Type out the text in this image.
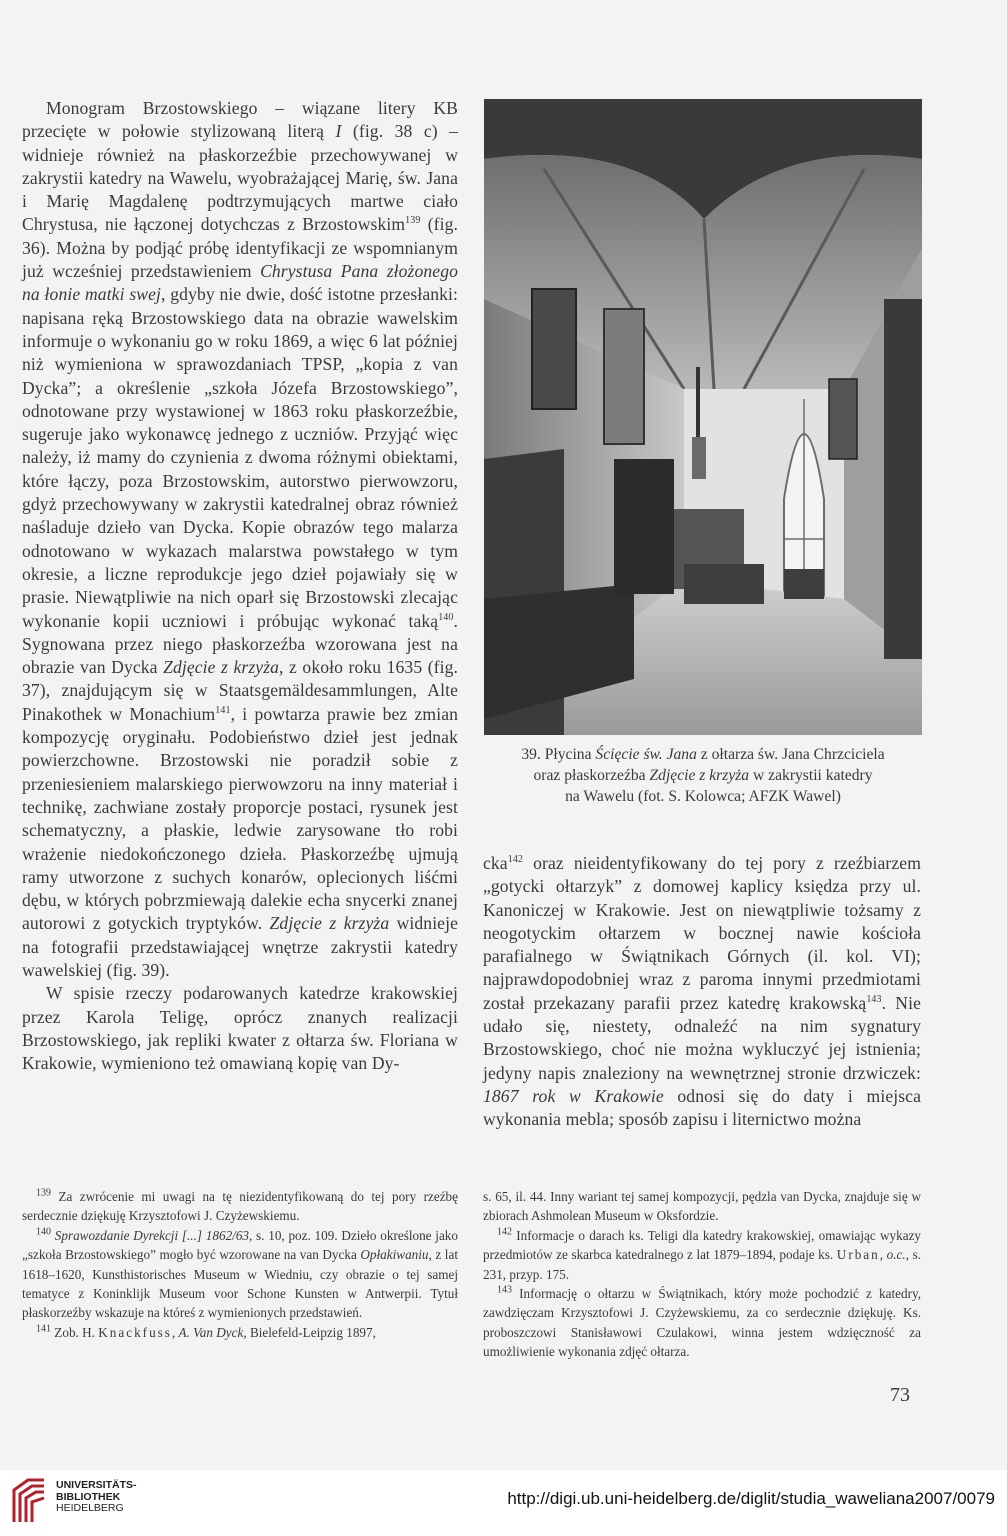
Monogram Brzostowskiego – wiązane litery KB przecięte w połowie stylizowaną literą I (fig. 38 c) – widnieje również na płaskorzeźbie przechowywanej w zakrystii katedry na Wawelu, wyobrażającej Marię, św. Jana i Marię Magdalenę podtrzymujących martwe ciało Chrystusa, nie łączonej dotychczas z Brzostowskim$^{139}$ (fig. 36). Można by podjąć próbę identyfikacji ze wspomnianym już wcześniej przedstawieniem Chrystusa Pana złożonego na łonie matki swej, gdyby nie dwie, dość istotne przesłanki: napisana ręką Brzostowskiego data na obrazie wawelskim informuje o wykonaniu go w roku 1869, a więc 6 lat później niż wymieniona w sprawozdaniach TPSP, „kopia z van Dycka”; a określenie „szkoła Józefa Brzostowskiego”, odnotowane przy wystawionej w 1863 roku płaskorzeźbie, sugeruje jako wykonawcę jednego z uczniów. Przyjąć więc należy, iż mamy do czynienia z dwoma różnymi obiektami, które łączy, poza Brzostowskim, autorstwo pierwowzoru, gdyż przechowywany w zakrystii katedralnej obraz również naśladuje dzieło van Dycka. Kopie obrazów tego malarza odnotowano w wykazach malarstwa powstałego w tym okresie, a liczne reprodukcje jego dzieł pojawiały się w prasie. Niewątpliwie na nich oparł się Brzostowski zlecając wykonanie kopii uczniowi i próbując wykonać taką$^{140}$. Sygnowana przez niego płaskorzeźba wzorowana jest na obrazie van Dycka Zdjęcie z krzyża, z około roku 1635 (fig. 37), znajdującym się w Staatsgemäldesammlungen, Alte Pinakothek w Monachium$^{141}$, i powtarza prawie bez zmian kompozycję oryginału. Podobieństwo dzieł jest jednak powierzchowne. Brzostowski nie poradził sobie z przeniesieniem malarskiego pierwowzoru na inny materiał i technikę, zachwiane zostały proporcje postaci, rysunek jest schematyczny, a płaskie, ledwie zarysowane tło robi wrażenie niedokończonego dzieła. Płaskorzeźbę ujmują ramy utworzone z suchych konarów, oplecionych liśćmi dębu, w których pobrzmiewają dalekie echa snycerki znanej autorowi z gotyckich tryptyków. Zdjęcie z krzyża widnieje na fotografii przedstawiającej wnętrze zakrystii katedry wawelskiej (fig. 39).

W spisie rzeczy podarowanych katedrze krakowskiej przez Karola Teligę, oprócz znanych realizacji Brzostowskiego, jak repliki kwater z ołtarza św. Floriana w Krakowie, wymieniono też omawianą kopię van Dy-

39. Płycina Ścięcie św. Jana z ołtarza św. Jana Chrzciciela
oraz płaskorzeźba Zdjęcie z krzyża w zakrystii katedry
na Wawelu (fot. S. Kolowca; AFZK Wawel)

cka$^{142}$ oraz nieidentyfikowany do tej pory z rzeźbiarzem „gotycki ołtarzyk” z domowej kaplicy księdza przy ul. Kanoniczej w Krakowie. Jest on niewątpliwie tożsamy z neogotyckim ołtarzem w bocznej nawie kościoła parafialnego w Świątnikach Górnych (il. kol. VI); najprawdopodobniej wraz z paroma innymi przedmiotami został przekazany parafii przez katedrę krakowską$^{143}$. Nie udało się, niestety, odnaleźć na nim sygnatury Brzostowskiego, choć nie można wykluczyć jej istnienia; jedyny napis znaleziony na wewnętrznej stronie drzwiczek: 1867 rok w Krakowie odnosi się do daty i miejsca wykonania mebla; sposób zapisu i liternictwo można

$^{139}$ Za zwrócenie mi uwagi na tę niezidentyfikowaną do tej pory rzeźbę serdecznie dziękuję Krzysztofowi J. Czyżewskiemu.

$^{140}$ Sprawozdanie Dyrekcji [...] 1862/63, s. 10, poz. 109. Dzieło określone jako „szkoła Brzostowskiego” mogło być wzorowane na van Dycka Opłakiwaniu, z lat 1618–1620, Kunsthistorisches Museum w Wiedniu, czy obrazie o tej samej tematyce z Koninklijk Museum voor Schone Kunsten w Antwerpii. Tytuł płaskorzeźby wskazuje na któreś z wymienionych przedstawień.

$^{141}$ Zob. H. Knackfuss, A. Van Dyck, Bielefeld-Leipzig 1897,

s. 65, il. 44. Inny wariant tej samej kompozycji, pędzla van Dycka, znajduje się w zbiorach Ashmolean Museum w Oksfordzie.

$^{142}$ Informacje o darach ks. Teligi dla katedry krakowskiej, omawiając wykazy przedmiotów ze skarbca katedralnego z lat 1879–1894, podaje ks. Urban, o.c., s. 231, przyp. 175.

$^{143}$ Informację o ołtarzu w Świątnikach, który może pochodzić z katedry, zawdzięczam Krzysztofowi J. Czyżewskiemu, za co serdecznie dziękuję. Ks. proboszczowi Stanisławowi Czulakowi, winna jestem wdzięczność za umożliwienie wykonania zdjęć ołtarza.

73
UNIVERSITÄTS-
BIBLIOTHEK
HEIDELBERG	http://digi.ub.uni-heidelberg.de/diglit/studia_waweliana2007/0079
